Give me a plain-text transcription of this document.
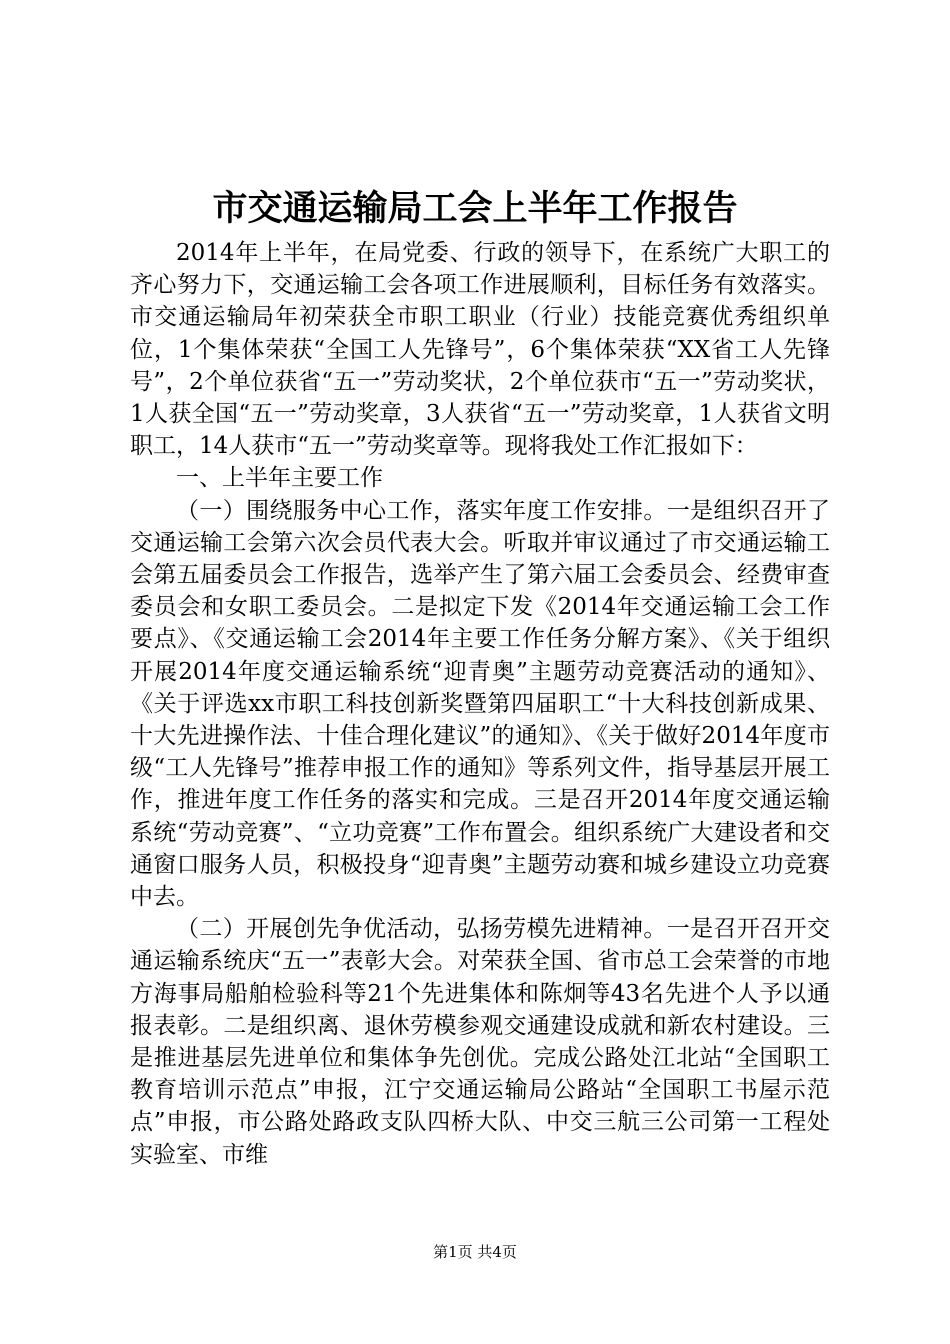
市交通运输局工会上半年工作报告

2014年上半年，在局党委、行政的领导下，在系统广大职工的齐心努力下，交通运输工会各项工作进展顺利，目标任务有效落实。市交通运输局年初荣获全市职工职业（行业）技能竞赛优秀组织单位，1个集体荣获“全国工人先锋号”，6个集体荣获“XX省工人先锋号”，2个单位获省“五一”劳动奖状，2个单位获市“五一”劳动奖状，1人获全国“五一”劳动奖章，3人获省“五一”劳动奖章，1人获省文明职工，14人获市“五一”劳动奖章等。现将我处工作汇报如下：

一、上半年主要工作

（一）围绕服务中心工作，落实年度工作安排。一是组织召开了交通运输工会第六次会员代表大会。听取并审议通过了市交通运输工会第五届委员会工作报告，选举产生了第六届工会委员会、经费审查委员会和女职工委员会。二是拟定下发《2014年交通运输工会工作要点》、《交通运输工会2014年主要工作任务分解方案》、《关于组织开展2014年度交通运输系统“迎青奥”主题劳动竞赛活动的通知》、《关于评选xx市职工科技创新奖暨第四届职工“十大科技创新成果、十大先进操作法、十佳合理化建议”的通知》、《关于做好2014年度市级“工人先锋号”推荐申报工作的通知》等系列文件，指导基层开展工作，推进年度工作任务的落实和完成。三是召开2014年度交通运输系统“劳动竞赛”、“立功竞赛”工作布置会。组织系统广大建设者和交通窗口服务人员，积极投身“迎青奥”主题劳动赛和城乡建设立功竞赛中去。

（二）开展创先争优活动，弘扬劳模先进精神。一是召开召开交通运输系统庆“五一”表彰大会。对荣获全国、省市总工会荣誉的市地方海事局船舶检验科等21个先进集体和陈炯等43名先进个人予以通报表彰。二是组织离、退休劳模参观交通建设成就和新农村建设。三是推进基层先进单位和集体争先创优。完成公路处江北站“全国职工教育培训示范点”申报，江宁交通运输局公路站“全国职工书屋示范点”申报，市公路处路政支队四桥大队、中交三航三公司第一工程处实验室、市维

第1页 共4页
